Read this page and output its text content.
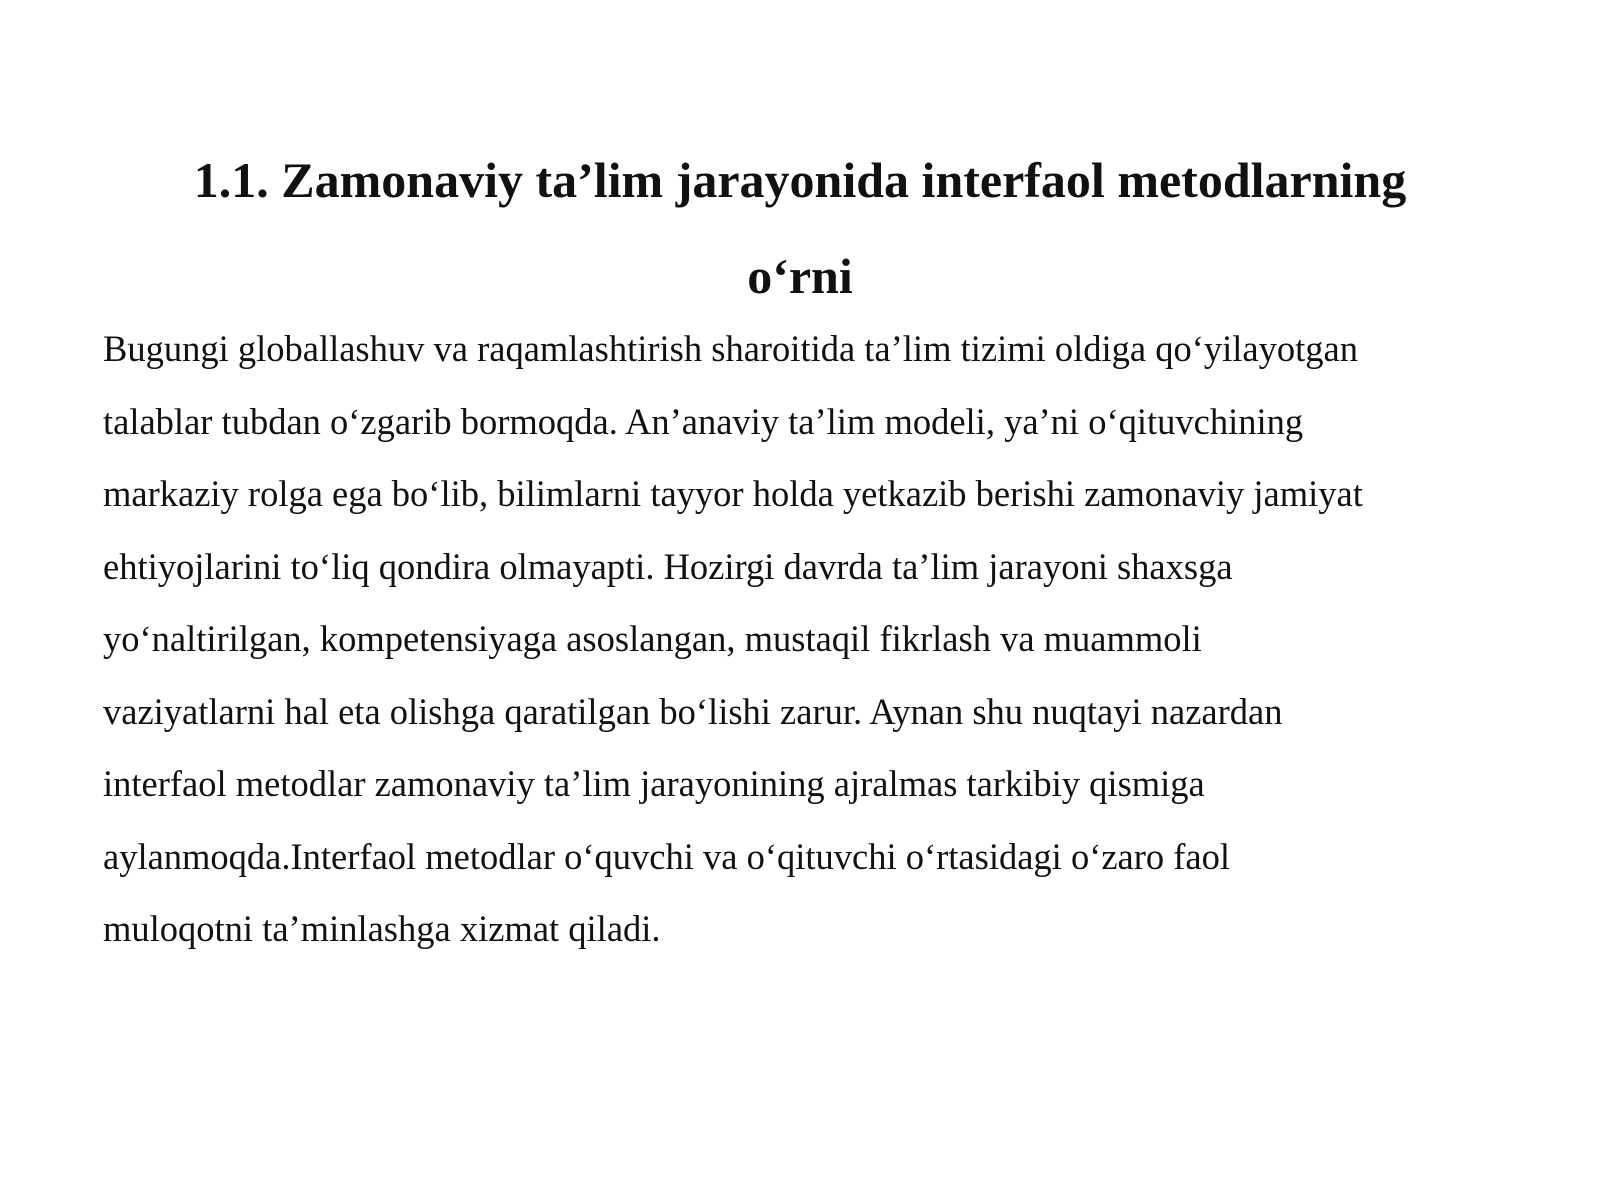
1.1. Zamonaviy ta’lim jarayonida interfaol metodlarning
o‘rni
Bugungi globallashuv va raqamlashtirish sharoitida ta’lim tizimi oldiga qo‘yilayotgan
talablar tubdan o‘zgarib bormoqda. An’anaviy ta’lim modeli, ya’ni o‘qituvchining
markaziy rolga ega bo‘lib, bilimlarni tayyor holda yetkazib berishi zamonaviy jamiyat
ehtiyojlarini to‘liq qondira olmayapti. Hozirgi davrda ta’lim jarayoni shaxsga
yo‘naltirilgan, kompetensiyaga asoslangan, mustaqil fikrlash va muammoli
vaziyatlarni hal eta olishga qaratilgan bo‘lishi zarur. Aynan shu nuqtayi nazardan
interfaol metodlar zamonaviy ta’lim jarayonining ajralmas tarkibiy qismiga
aylanmoqda.Interfaol metodlar o‘quvchi va o‘qituvchi o‘rtasidagi o‘zaro faol
muloqotni ta’minlashga xizmat qiladi.
